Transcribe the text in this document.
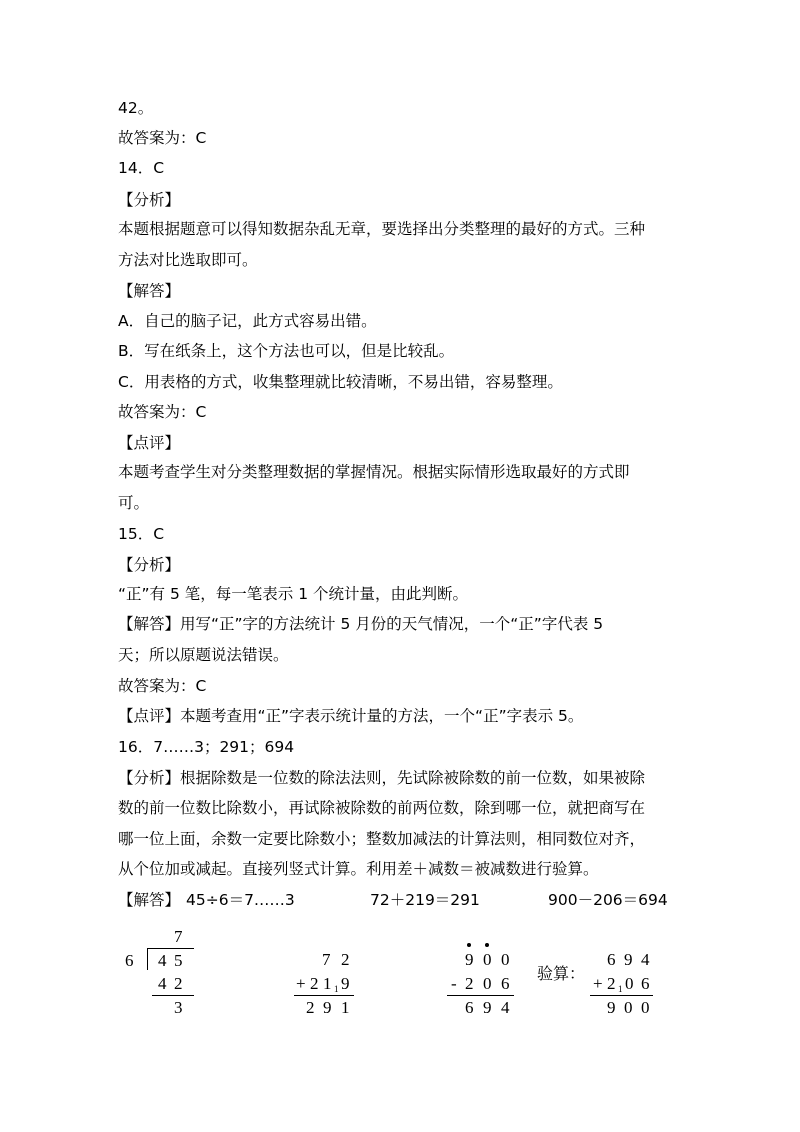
42。
故答案为：C
14．C
【分析】
本题根据题意可以得知数据杂乱无章，要选择出分类整理的最好的方式。三种
方法对比选取即可。
【解答】
A．自己的脑子记，此方式容易出错。
B．写在纸条上，这个方法也可以，但是比较乱。
C．用表格的方式，收集整理就比较清晰，不易出错，容易整理。
故答案为：C
【点评】
本题考查学生对分类整理数据的掌握情况。根据实际情形选取最好的方式即
可。
15．C
【分析】
“正”有 5 笔，每一笔表示 1 个统计量，由此判断。
【解答】用写“正”字的方法统计 5 月份的天气情况，一个“正”字代表 5
天；所以原题说法错误。
故答案为：C
【点评】本题考查用“正”字表示统计量的方法，一个“正”字表示 5。
16．7……3；291；694
【分析】根据除数是一位数的除法法则，先试除被除数的前一位数，如果被除
数的前一位数比除数小，再试除被除数的前两位数，除到哪一位，就把商写在
哪一位上面，余数一定要比除数小；整数加减法的计算法则，相同数位对齐，
从个位加或减起。直接列竖式计算。利用差＋减数＝被减数进行验算。
【解答】 45÷6＝7……3	72＋219＝291	900－206＝694
7
6 4 5
4 2
3
7 2
+ 2 1 1 9
2 9 1
9 0 0
- 2 0 6
6 9 4
验算：
6 9 4
+ 2 1 0 6
9 0 0
